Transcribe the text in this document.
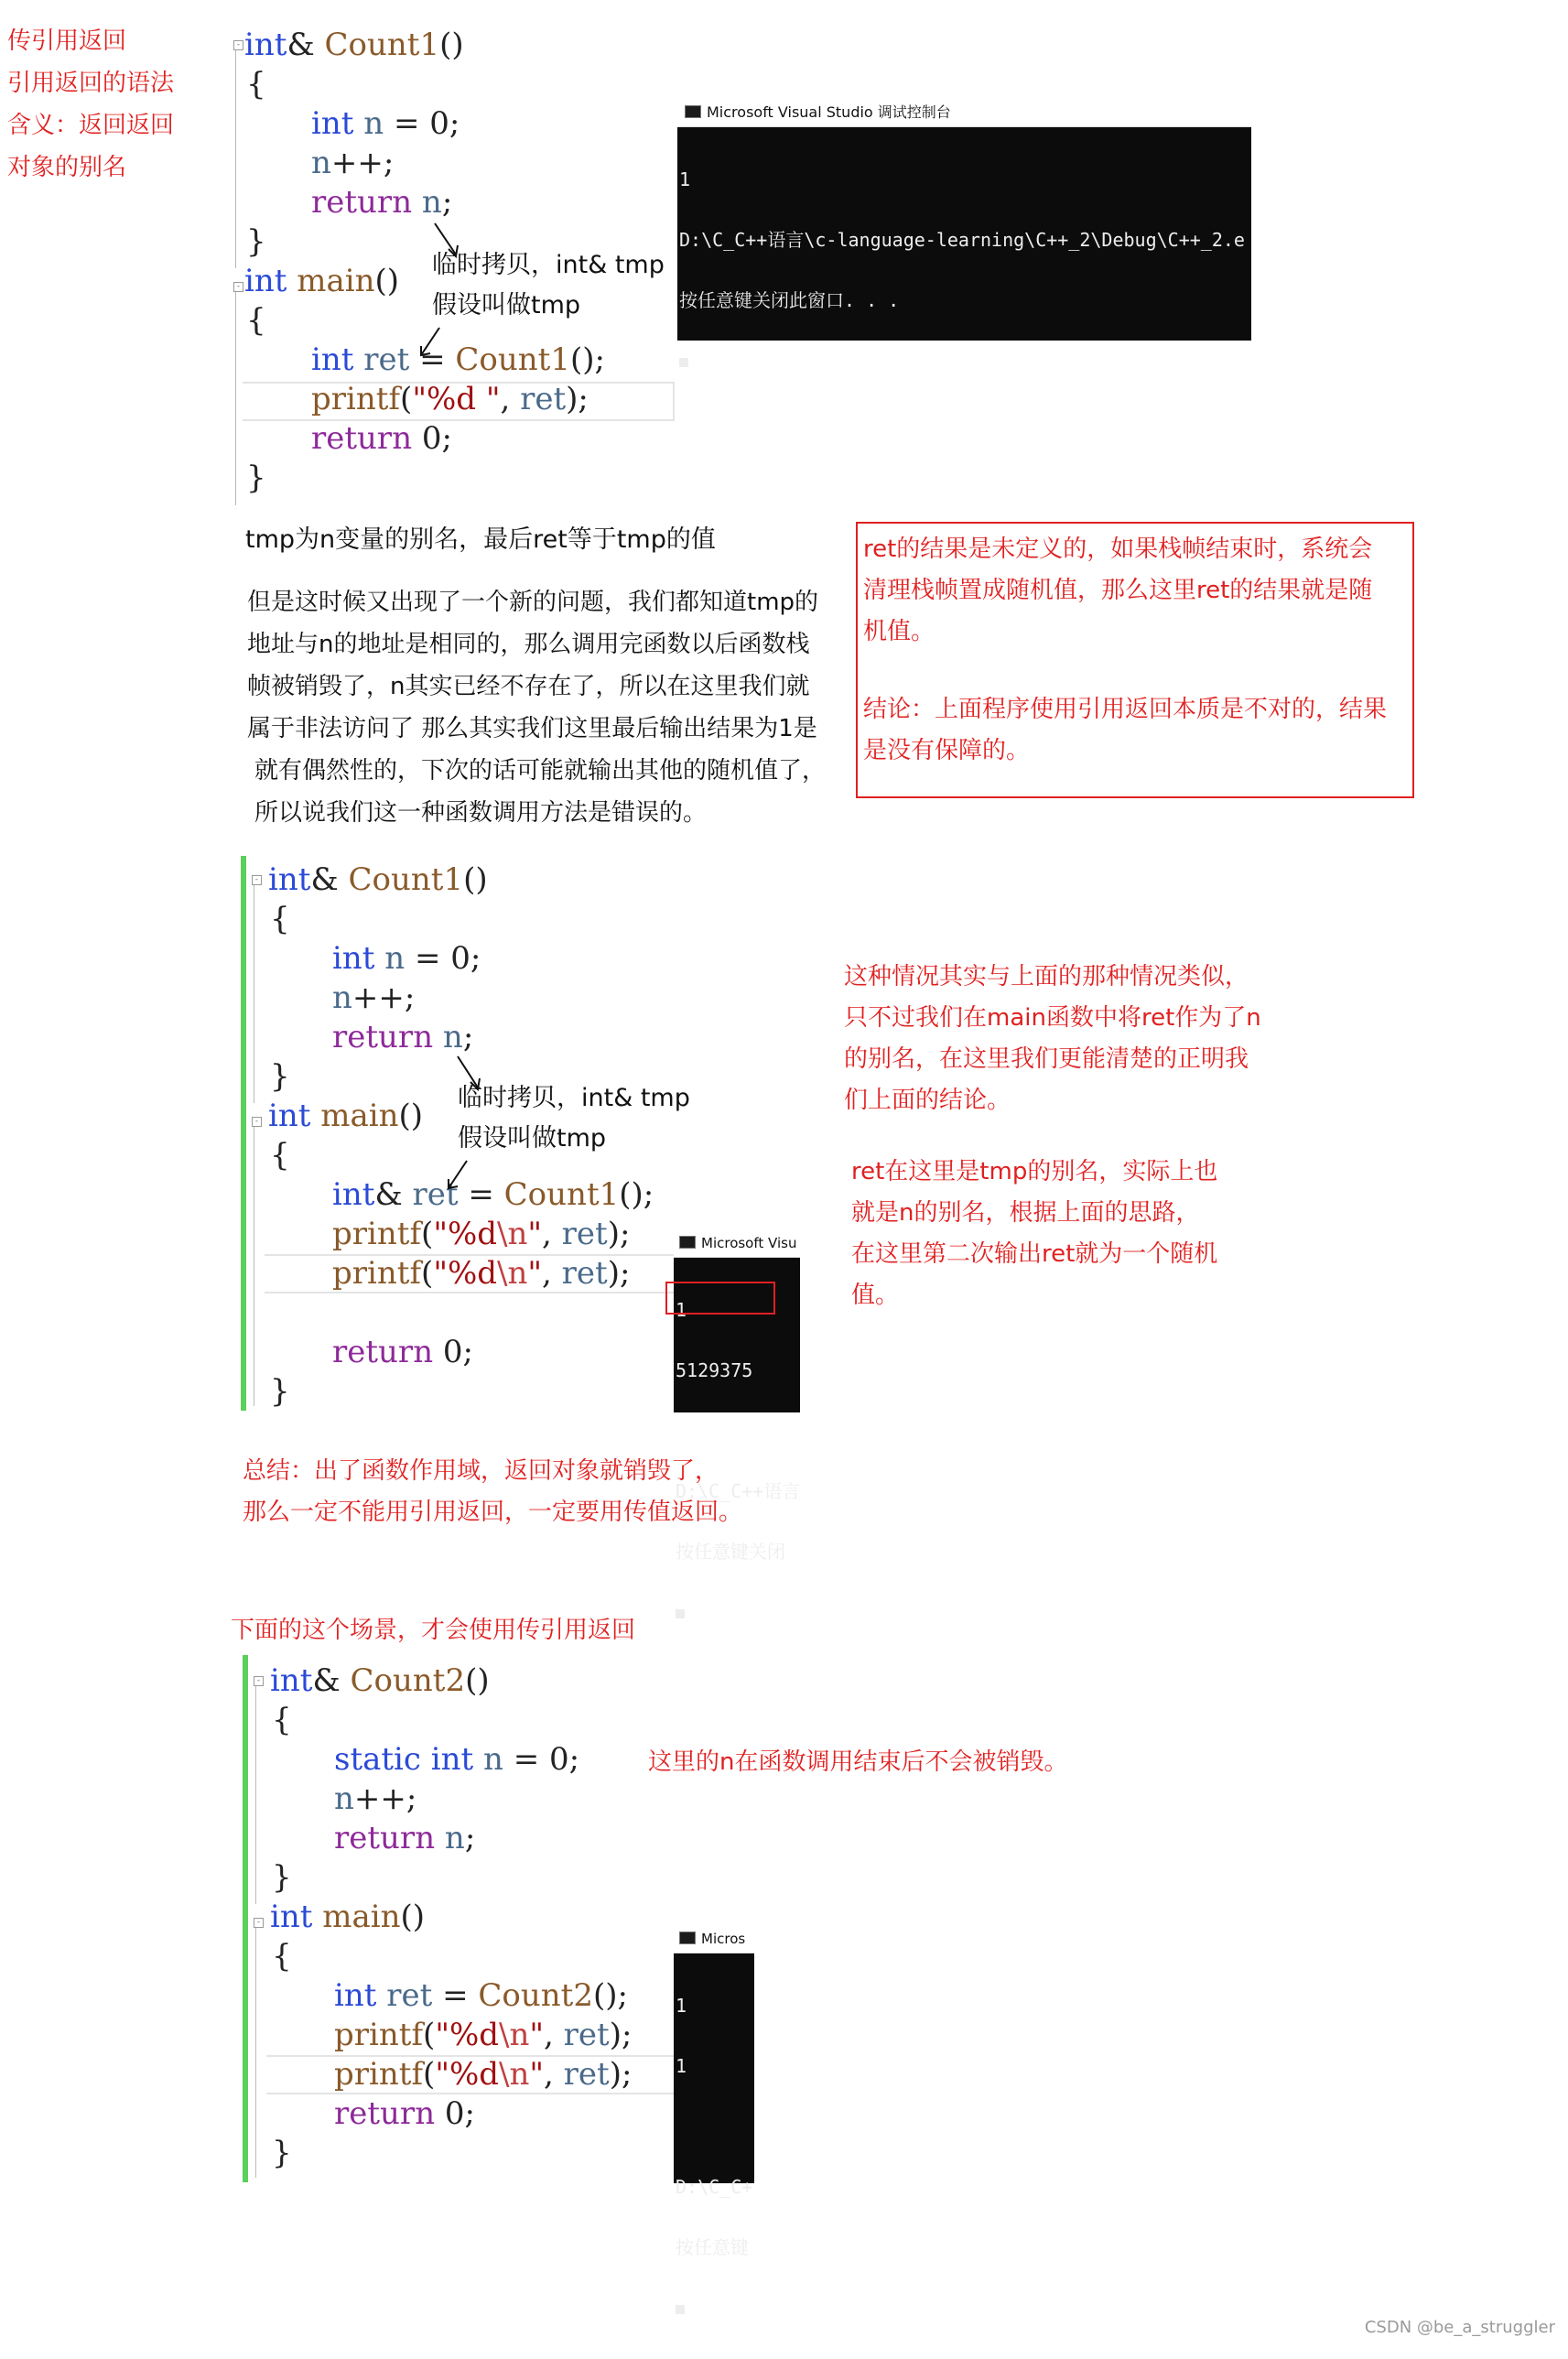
传引用返回
引用返回的语法
含义：返回返回
对象的别名
-
-

int& Count1()

{

int n = 0;

n++;

return n;

}

int main()

{

int ret = Count1();

printf("%d ", ret);

return 0;

}

临时拷贝，int& tmp
假设叫做tmp
Microsoft Visual Studio 调试控制台

1

D:\C_C++语言\c-language-learning\C++_2\Debug\C++_2.e

按任意键关闭此窗口. . .

tmp为n变量的别名，最后ret等于tmp的值
但是这时候又出现了一个新的问题，我们都知道tmp的
地址与n的地址是相同的，那么调用完函数以后函数栈
帧被销毁了，n其实已经不存在了，所以在这里我们就
属于非法访问了 那么其实我们这里最后输出结果为1是
就有偶然性的，下次的话可能就输出其他的随机值了，
所以说我们这一种函数调用方法是错误的。
ret的结果是未定义的，如果栈帧结束时，系统会
清理栈帧置成随机值，那么这里ret的结果就是随
机值。
结论：上面程序使用引用返回本质是不对的，结果
是没有保障的。
-
-

int& Count1()

{

int n = 0;

n++;

return n;

}

int main()

{

int& ret = Count1();

printf("%d\n", ret);

printf("%d\n", ret);

return 0;

}

临时拷贝，int& tmp
假设叫做tmp
Microsoft Visu

1

5129375

D:\C_C++语言

按任意键关闭

这种情况其实与上面的那种情况类似，
只不过我们在main函数中将ret作为了n
的别名，在这里我们更能清楚的正明我
们上面的结论。
ret在这里是tmp的别名，实际上也
就是n的别名，根据上面的思路，
在这里第二次输出ret就为一个随机
值。
总结：出了函数作用域，返回对象就销毁了，
那么一定不能用引用返回，一定要用传值返回。
下面的这个场景，才会使用传引用返回
-
-

int& Count2()

{

static int n = 0;

n++;

return n;

}

int main()

{

int ret = Count2();

printf("%d\n", ret);

printf("%d\n", ret);

return 0;

}

这里的n在函数调用结束后不会被销毁。
Micros

1

1

D:\C_C+

按任意键

CSDN @be_a_struggler
